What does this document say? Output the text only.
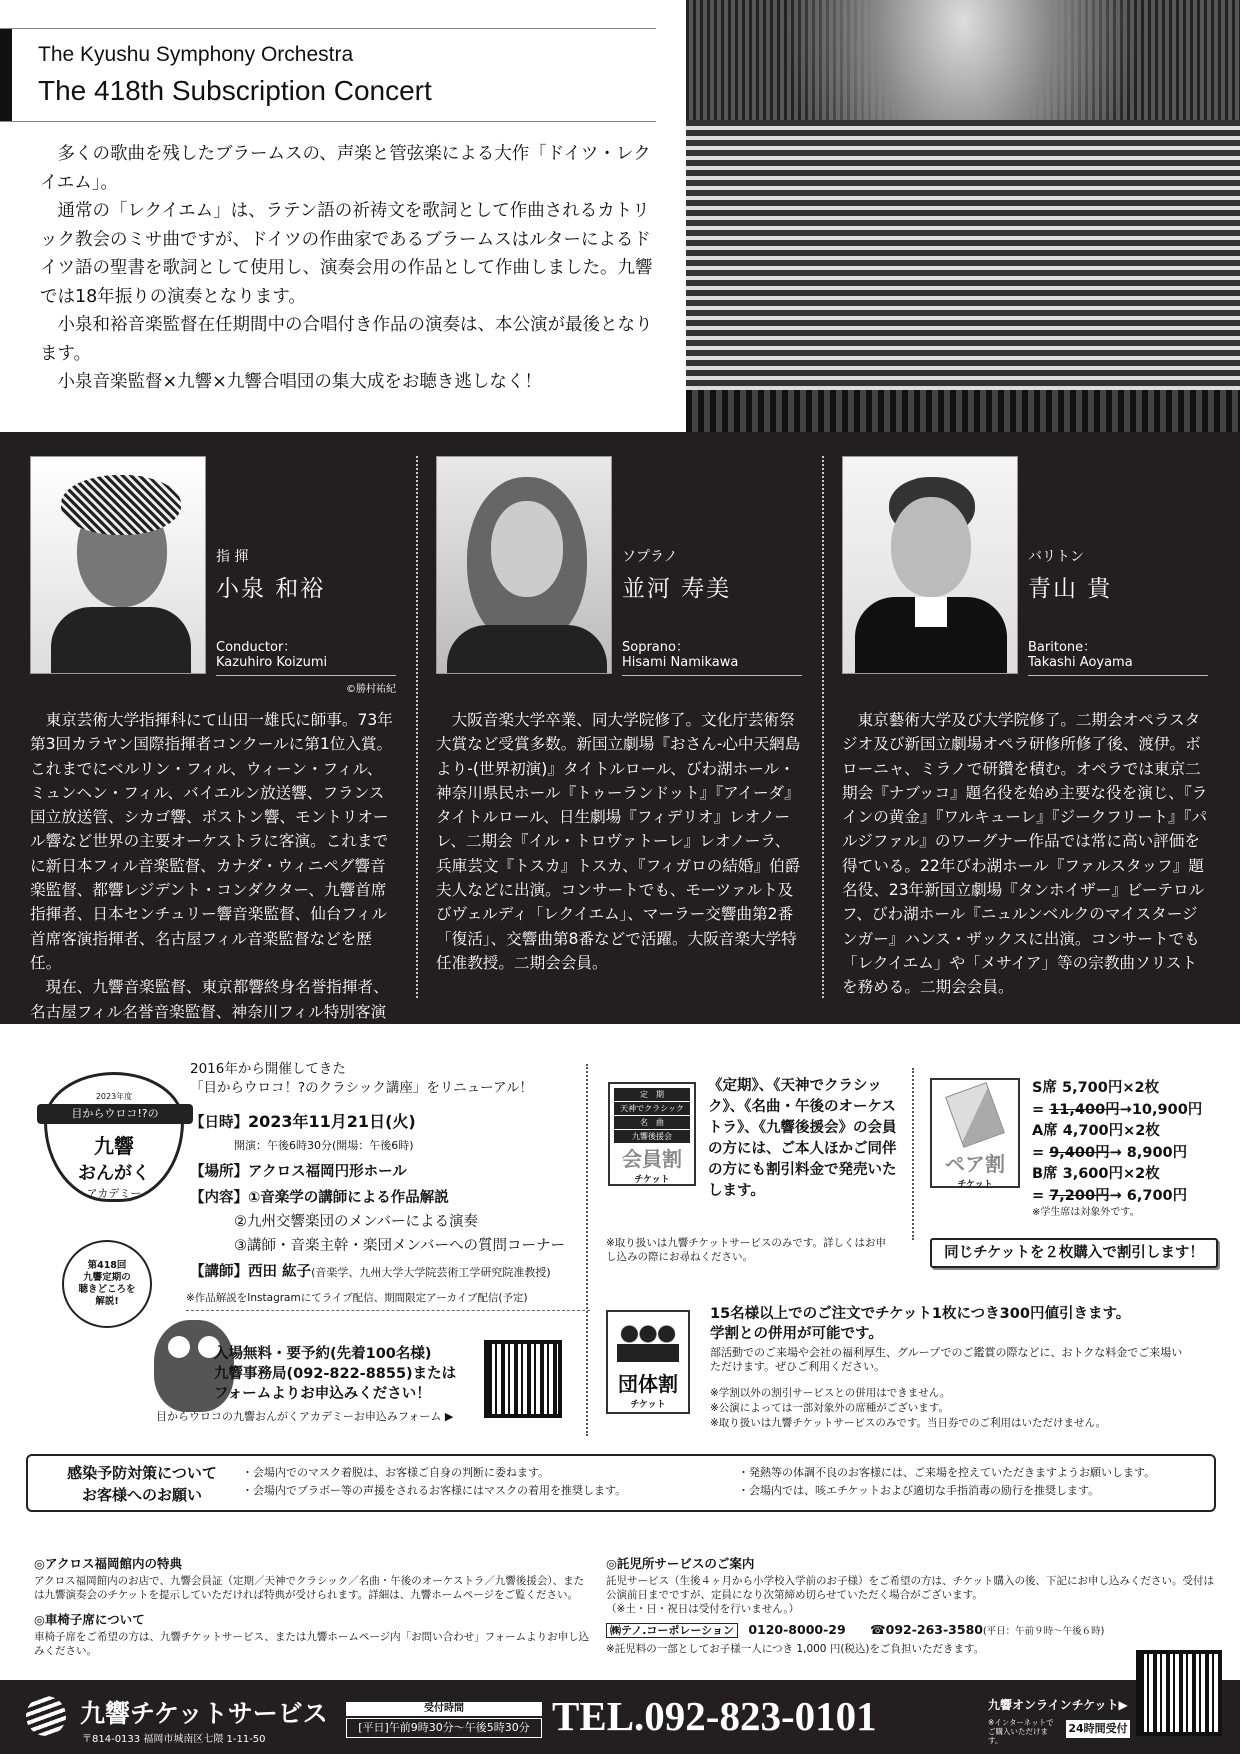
The Kyushu Symphony Orchestra
The 418th Subscription Concert

多くの歌曲を残したブラームスの、声楽と管弦楽による大作「ドイツ・レクイエム」。

通常の「レクイエム」は、ラテン語の祈祷文を歌詞として作曲されるカトリック教会のミサ曲ですが、ドイツの作曲家であるブラームスはルターによるドイツ語の聖書を歌詞として使用し、演奏会用の作品として作曲しました。九響では18年振りの演奏となります。

小泉和裕音楽監督在任期間中の合唱付き作品の演奏は、本公演が最後となります。

小泉音楽監督×九響×九響合唱団の集大成をお聴き逃しなく！

指 揮
小泉 和裕
Conductor：
Kazuhiro Koizumi
©勝村祐紀
東京芸術大学指揮科にて山田一雄氏に師事。73年第3回カラヤン国際指揮者コンクールに第1位入賞。これまでにベルリン・フィル、ウィーン・フィル、ミュンヘン・フィル、バイエルン放送響、フランス国立放送管、シカゴ響、ボストン響、モントリオール響など世界の主要オーケストラに客演。これまでに新日本フィル音楽監督、カナダ・ウィニペグ響音楽監督、都響レジデント・コンダクター、九響首席指揮者、日本センチュリー響音楽監督、仙台フィル首席客演指揮者、名古屋フィル音楽監督などを歴任。
現在、九響音楽監督、東京都響終身名誉指揮者、名古屋フィル名誉音楽監督、神奈川フィル特別客演指揮者。
ソプラノ
並河 寿美
Soprano：
Hisami Namikawa
大阪音楽大学卒業、同大学院修了。文化庁芸術祭大賞など受賞多数。新国立劇場『おさん-心中天網島より-(世界初演)』タイトルロール、びわ湖ホール・神奈川県民ホール『トゥーランドット』『アイーダ』タイトルロール、日生劇場『フィデリオ』レオノーレ、二期会『イル・トロヴァトーレ』レオノーラ、兵庫芸文『トスカ』トスカ、『フィガロの結婚』伯爵夫人などに出演。コンサートでも、モーツァルト及びヴェルディ「レクイエム」、マーラー交響曲第2番「復活」、交響曲第8番などで活躍。大阪音楽大学特任准教授。二期会会員。
バリトン
青山 貴
Baritone：
Takashi Aoyama
東京藝術大学及び大学院修了。二期会オペラスタジオ及び新国立劇場オペラ研修所修了後、渡伊。ボローニャ、ミラノで研鑽を積む。オペラでは東京二期会『ナブッコ』題名役を始め主要な役を演じ、『ラインの黄金』『ワルキューレ』『ジークフリート』『パルジファル』のワーグナー作品では常に高い評価を得ている。22年びわ湖ホール『ファルスタッフ』題名役、23年新国立劇場『タンホイザー』ビーテロルフ、びわ湖ホール『ニュルンベルクのマイスタージンガー』ハンス・ザックスに出演。コンサートでも「レクイエム」や「メサイア」等の宗教曲ソリストを務める。二期会会員。
2023年度
目からウロコ!?の
九響
おんがく
アカデミー
第418回
九響定期の
聴きどころを
解説!
2016年から開催してきた
「目からウロコ！?のクラシック講座」をリニューアル！
【日時】2023年11月21日(火)
開演：午後6時30分(開場：午後6時)
【場所】アクロス福岡円形ホール
【内容】①音楽学の講師による作品解説
②九州交響楽団のメンバーによる演奏
③講師・音楽主幹・楽団メンバーへの質問コーナー
【講師】西田 紘子(音楽学、九州大学大学院芸術工学研究院准教授)
※作品解説をInstagramにてライブ配信、期間限定アーカイブ配信(予定)
入場無料・要予約(先着100名様)
九響事務局(092-822-8855)または
フォームよりお申込みください！
目からウロコの九響おんがくアカデミーお申込みフォーム ▶
定　期
天神でクラシック
名　曲
九響後援会
会員割
チケット
《定期》、《天神でクラシック》、《名曲・午後のオーケストラ》、《九響後援会》の会員の方には、ご本人ほかご同伴の方にも割引料金で発売いたします。
※取り扱いは九響チケットサービスのみです。詳しくはお申し込みの際にお尋ねください。
ペア割
チケット
S席 5,700円×2枚
= 11,400円→10,900円
A席 4,700円×2枚
= 9,400円→ 8,900円
B席 3,600円×2枚
= 7,200円→ 6,700円
※学生席は対象外です。
同じチケットを２枚購入で割引します！
団体割
チケット
15名様以上でのご注文でチケット1枚につき300円値引きます。
学割との併用が可能です。
部活動でのご来場や会社の福利厚生、グループでのご鑑賞の際などに、おトクな料金でご来場いただけます。ぜひご利用ください。
※学割以外の割引サービスとの併用はできません。
※公演によっては一部対象外の席種がございます。
※取り扱いは九響チケットサービスのみです。当日券でのご利用はいただけません。
感染予防対策について
お客様へのお願い
・会場内でのマスク着脱は、お客様ご自身の判断に委ねます。
・会場内でブラボー等の声援をされるお客様にはマスクの着用を推奨します。
・発熱等の体調不良のお客様には、ご来場を控えていただきますようお願いします。
・会場内では、咳エチケットおよび適切な手指消毒の励行を推奨します。
◎アクロス福岡館内の特典
アクロス福岡館内のお店で、九響会員証（定期／天神でクラシック／名曲・午後のオーケストラ／九響後援会）、または九響演奏会のチケットを提示していただければ特典が受けられます。詳細は、九響ホームページをご覧ください。
◎車椅子席について
車椅子席をご希望の方は、九響チケットサービス、または九響ホームページ内「お問い合わせ」フォームよりお申し込みください。
◎託児所サービスのご案内
託児サービス（生後４ヶ月から小学校入学前のお子様）をご希望の方は、チケット購入の後、下記にお申し込みください。受付は公演前日までですが、定員になり次第締め切らせていただく場合がございます。
（※土・日・祝日は受付を行いません。）
㈱テノ.コーポレーション 0120-8000-29 ☎092-263-3580(平日：午前９時～午後６時)
※託児料の一部としてお子様一人につき 1,000 円(税込)をご負担いただきます。
九響チケットサービス
〒814-0133 福岡市城南区七隈 1-11-50
受付時間
[平日]午前9時30分～午後5時30分 TEL.092-823-0101	九響オンラインチケット▶
※インターネットでご購入いただけます。
24時間受付
